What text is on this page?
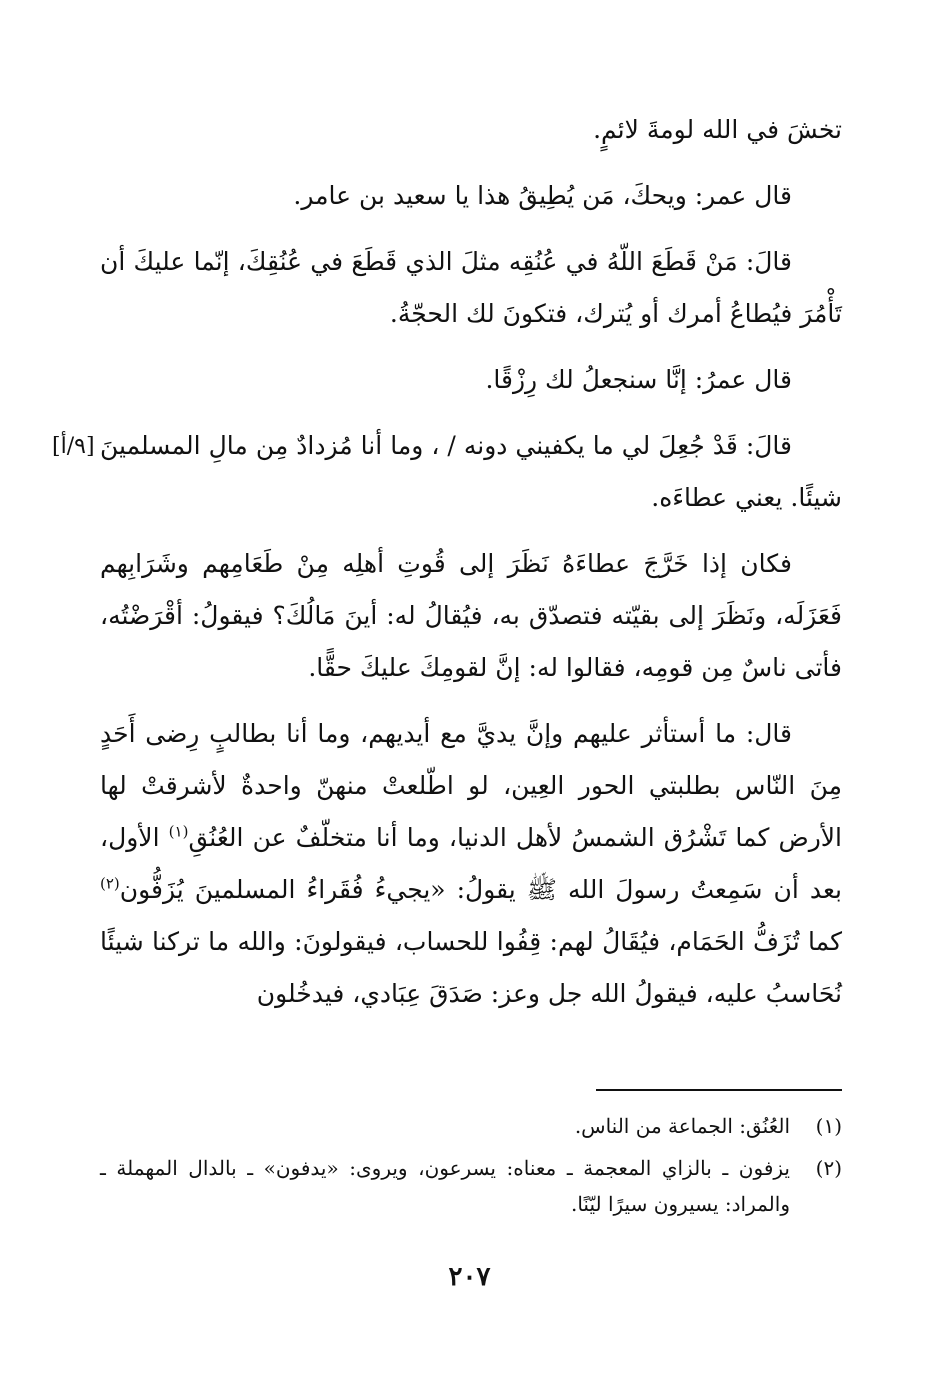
تخشَ في الله لومةَ لائمٍ.

قال عمر: ويحكَ، مَن يُطِيقُ هذا يا سعيد بن عامر.

قالَ: مَنْ قَطَعَ اللّهُ في عُنُقِه مثلَ الذي قَطَعَ في عُنُقِكَ، إنّما عليكَ أن تَأْمُرَ فيُطاعُ أمرك أو يُترك، فتكونَ لك الحجّةُ.

قال عمرُ: إنَّا سنجعلُ لك رِزْقًا.

قالَ: قَدْ جُعِلَ لي ما يكفيني دونه / ، وما أنا مُزدادٌ مِن مالِ المسلمينَ شيئًا. يعني عطاءَه.

فكان إذا خَرَّجَ عطاءَهُ نَظَرَ إلى قُوتِ أهلِه مِنْ طَعَامِهم وشَرَابِهم فَعَزَلَه، ونَظَرَ إلى بقيّته فتصدّق به، فيُقالُ له: أينَ مَالُكَ؟ فيقولُ: أقْرَضْتُه، فأتى ناسٌ مِن قومِه، فقالوا له: إنَّ لقومِكَ عليكَ حقًّا.

قال: ما أستأثر عليهم وإنَّ يديَّ مع أيديهم، وما أنا بطالبٍ رِضى أَحَدٍ مِنَ النّاس بطلبتي الحور العِين، لو اطّلعتْ منهنّ واحدةٌ لأشرقتْ لها الأرض كما تَشْرُق الشمسُ لأهل الدنيا، وما أنا متخلّفٌ عن العُنُقِ$^{(١)}$ الأول، بعد أن سَمِعتُ رسولَ الله ﷺ يقولُ: «يجيءُ فُقَراءُ المسلمينَ يُزَفُّون$^{(٢)}$ كما تُزَفُّ الحَمَام، فيُقَالُ لهم: قِفُوا للحساب، فيقولونَ: والله ما تركنا شيئًا نُحَاسبُ عليه، فيقولُ الله جل وعز: صَدَقَ عِبَادي، فيدخُلون

[٩/أ]
(١)
العُنُق: الجماعة من الناس.
(٢)
يزفون ـ بالزاي المعجمة ـ معناه: يسرعون، ويروى: «يدفون» ـ بالدال المهملة ـ والمراد: يسيرون سيرًا ليّنًا.
٢٠٧
